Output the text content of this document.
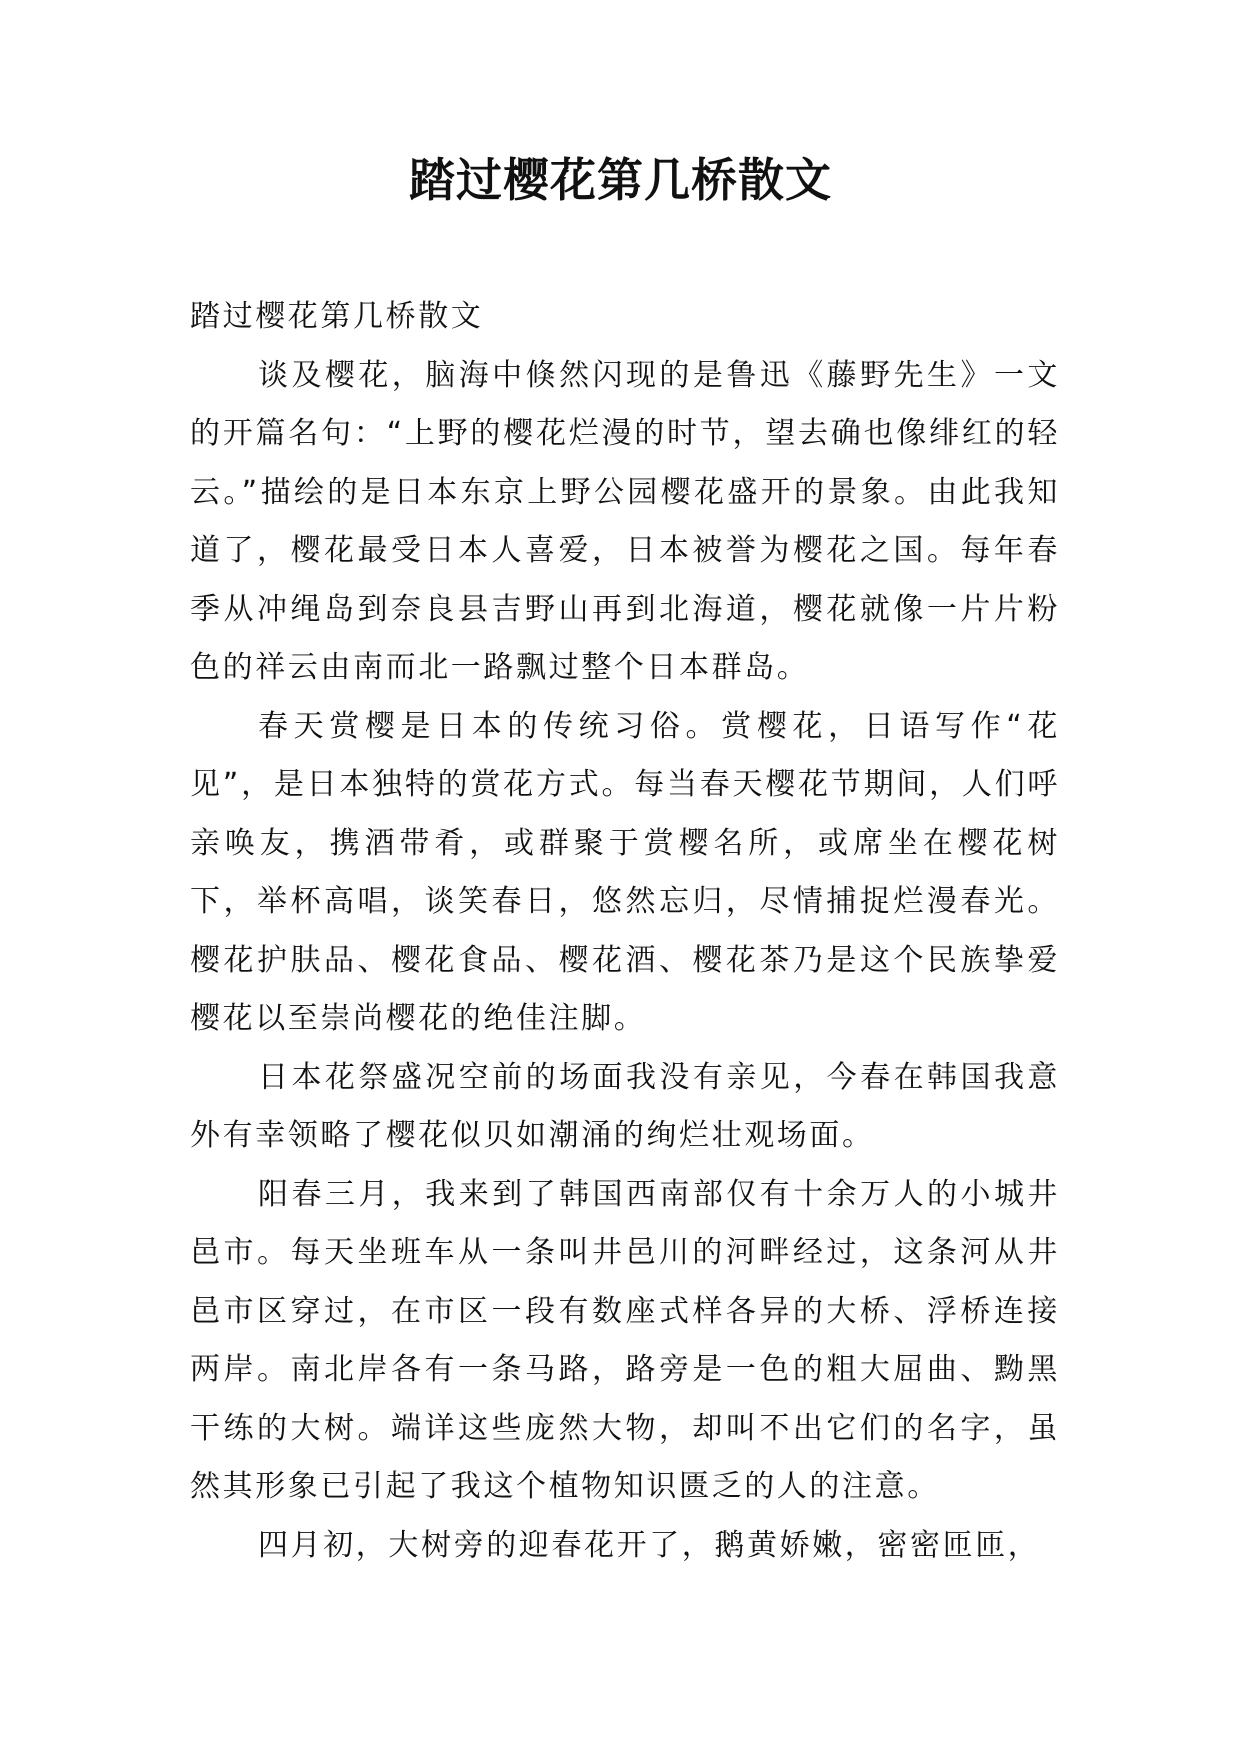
踏过樱花第几桥散文

踏过樱花第几桥散文

谈及樱花，脑海中倏然闪现的是鲁迅《藤野先生》一文的开篇名句：“上野的樱花烂漫的时节，望去确也像绯红的轻云。”描绘的是日本东京上野公园樱花盛开的景象。由此我知道了，樱花最受日本人喜爱，日本被誉为樱花之国。每年春季从冲绳岛到奈良县吉野山再到北海道，樱花就像一片片粉色的祥云由南而北一路飘过整个日本群岛。

春天赏樱是日本的传统习俗。赏樱花，日语写作“花见”，是日本独特的赏花方式。每当春天樱花节期间，人们呼亲唤友，携酒带肴，或群聚于赏樱名所，或席坐在樱花树下，举杯高唱，谈笑春日，悠然忘归，尽情捕捉烂漫春光。樱花护肤品、樱花食品、樱花酒、樱花茶乃是这个民族挚爱樱花以至崇尚樱花的绝佳注脚。

日本花祭盛况空前的场面我没有亲见，今春在韩国我意外有幸领略了樱花似贝如潮涌的绚烂壮观场面。

阳春三月，我来到了韩国西南部仅有十余万人的小城井邑市。每天坐班车从一条叫井邑川的河畔经过，这条河从井邑市区穿过，在市区一段有数座式样各异的大桥、浮桥连接两岸。南北岸各有一条马路，路旁是一色的粗大屈曲、黝黑干练的大树。端详这些庞然大物，却叫不出它们的名字，虽然其形象已引起了我这个植物知识匮乏的人的注意。

四月初，大树旁的迎春花开了，鹅黄娇嫩，密密匝匝，
